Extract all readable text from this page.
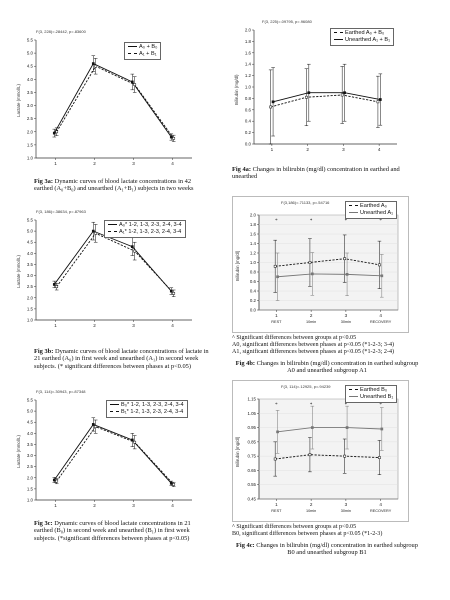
1.0
1.5
2.0
2.5
3.0
3.5
4.0
4.5
5.0
5.5
1	2	3	4
F(3, 228)=.28442, p=.83600
Lactate (mmol/L)
A₀ + B₀
A₁ + B₁
Fig 3a: Dynamic curves of blood lactate concentrations in 42 earthed (A₀+B₀) and unearthed (A₁+B₁) subjects in two weeks
1.0
1.5
2.0
2.5
3.0
3.5
4.0
4.5
5.0
5.5
1	2	3	4
F(3, 186)=.38634, p=.87963
Lactate (mmol/L)
A₀* 1-2, 1-3, 2-3, 2-4, 3-4
A₁* 1-2, 1-3, 2-3, 2-4, 3-4
Fig 3b: Dynamic curves of blood lactate concentrations of lactate in 21 earthed (A₀) in first week and unearthed (A₁) in second week subjects. (* significant differences between phases at p<0.05)
1.0
1.5
2.0
2.5
3.0
3.5
4.0
4.5
5.0
5.5
1	2	3	4
F(3, 114)=.30943, p=.87348
Lactate (mmol/L)
B₀* 1-2, 1-3, 2-3, 2-4, 3-4
B₁* 1-2, 1-3, 2-3, 2-4, 3-4
Fig 3c: Dynamic curves of blood lactate concentrations in 21 earthed (B₀) in second week and unearthed (B₁) in first week subjects. (*significant differences between phases at p<0.05)
0.0
0.2
0.4
0.6
0.8
1.0
1.2
1.4
1.6
1.8
2.0
1	2	3	4
F(3, 225)=.09795, p=.96080
Bilirubin (mg/dl)
Earthed A₀ + B₀
Unearthed A₁ + B₁
Fig 4a: Changes in bilirubin (mg/dl) concentration in earthed and unearthed
0.0
0.2
0.4
0.6
0.8
1.0
1.2
1.4
1.6
1.8
2.0
1
REST
2
10min
3
30min
4
RECOVERY
*	*	*	*
F(3,186)=.71133, p=.54716
Bilirubin [mg/dl]
Earthed A₀
Unearthed A₁
^ Significant differences between groups at p<0.05
A0, significant differences between phases at p<0.05 (*1-2-3; 3-4)
A1, significant differences between phases at p<0.05 (*1-2-3; 2-4)
Fig 4b: Changes in bilirubin (mg/dl) concentration in earthed subgroup A0 and unearthed subgroup A1
0.45
0.55
0.65
0.75
0.85
0.95
1.05
1.15
1
REST
2
10min
3
30min
4
RECOVERY
*	*	*	*
F(3, 114)=.12925, p=.94239
Bilirubin [mg/dl]
Earthed B₀
Unearthed B₁
^ Significant differences between groups at p<0.05
B0, significant differences between phases at p<0.05 (*1-2-3)
Fig 4c: Changes in bilirubin (mg/dl) concentration in earthed subgroup B0 and unearthed subgroup B1
